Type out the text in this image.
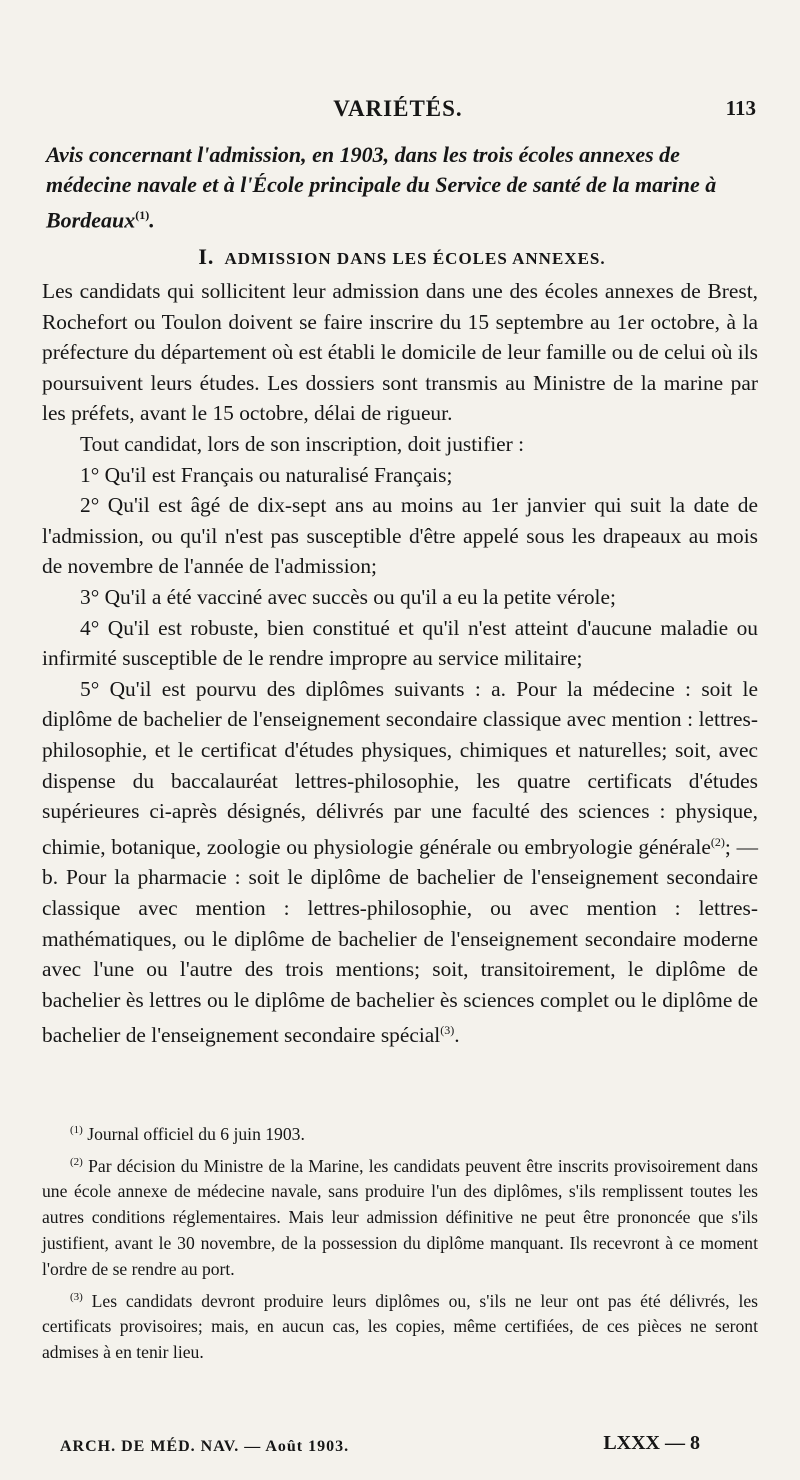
VARIÉTÉS.	113
Avis concernant l'admission, en 1903, dans les trois écoles annexes de médecine navale et à l'École principale du Service de santé de la marine à Bordeaux$^{(1)}$.
I. ADMISSION DANS LES ÉCOLES ANNEXES.

Les candidats qui sollicitent leur admission dans une des écoles annexes de Brest, Rochefort ou Toulon doivent se faire inscrire du 15 septembre au 1er octobre, à la préfecture du département où est établi le domicile de leur famille ou de celui où ils poursuivent leurs études. Les dossiers sont transmis au Ministre de la marine par les préfets, avant le 15 octobre, délai de rigueur.

Tout candidat, lors de son inscription, doit justifier :

1° Qu'il est Français ou naturalisé Français;

2° Qu'il est âgé de dix-sept ans au moins au 1er janvier qui suit la date de l'admission, ou qu'il n'est pas susceptible d'être appelé sous les drapeaux au mois de novembre de l'année de l'admission;

3° Qu'il a été vacciné avec succès ou qu'il a eu la petite vérole;

4° Qu'il est robuste, bien constitué et qu'il n'est atteint d'aucune maladie ou infirmité susceptible de le rendre impropre au service militaire;

5° Qu'il est pourvu des diplômes suivants : a. Pour la médecine : soit le diplôme de bachelier de l'enseignement secondaire classique avec mention : lettres-philosophie, et le certificat d'études physiques, chimiques et naturelles; soit, avec dispense du baccalauréat lettres-philosophie, les quatre certificats d'études supérieures ci-après désignés, délivrés par une faculté des sciences : physique, chimie, botanique, zoologie ou physiologie générale ou embryologie générale$^{(2)}$; — b. Pour la pharmacie : soit le diplôme de bachelier de l'enseignement secondaire classique avec mention : lettres-philosophie, ou avec mention : lettres-mathématiques, ou le diplôme de bachelier de l'enseignement secondaire moderne avec l'une ou l'autre des trois mentions; soit, transitoirement, le diplôme de bachelier ès lettres ou le diplôme de bachelier ès sciences complet ou le diplôme de bachelier de l'enseignement secondaire spécial$^{(3)}$.

$^{(1)}$ Journal officiel du 6 juin 1903.

$^{(2)}$ Par décision du Ministre de la Marine, les candidats peuvent être inscrits provisoirement dans une école annexe de médecine navale, sans produire l'un des diplômes, s'ils remplissent toutes les autres conditions réglementaires. Mais leur admission définitive ne peut être prononcée que s'ils justifient, avant le 30 novembre, de la possession du diplôme manquant. Ils recevront à ce moment l'ordre de se rendre au port.

$^{(3)}$ Les candidats devront produire leurs diplômes ou, s'ils ne leur ont pas été délivrés, les certificats provisoires; mais, en aucun cas, les copies, même certifiées, de ces pièces ne seront admises à en tenir lieu.

ARCH. DE MÉD. NAV. — Août 1903.	LXXX — 8
